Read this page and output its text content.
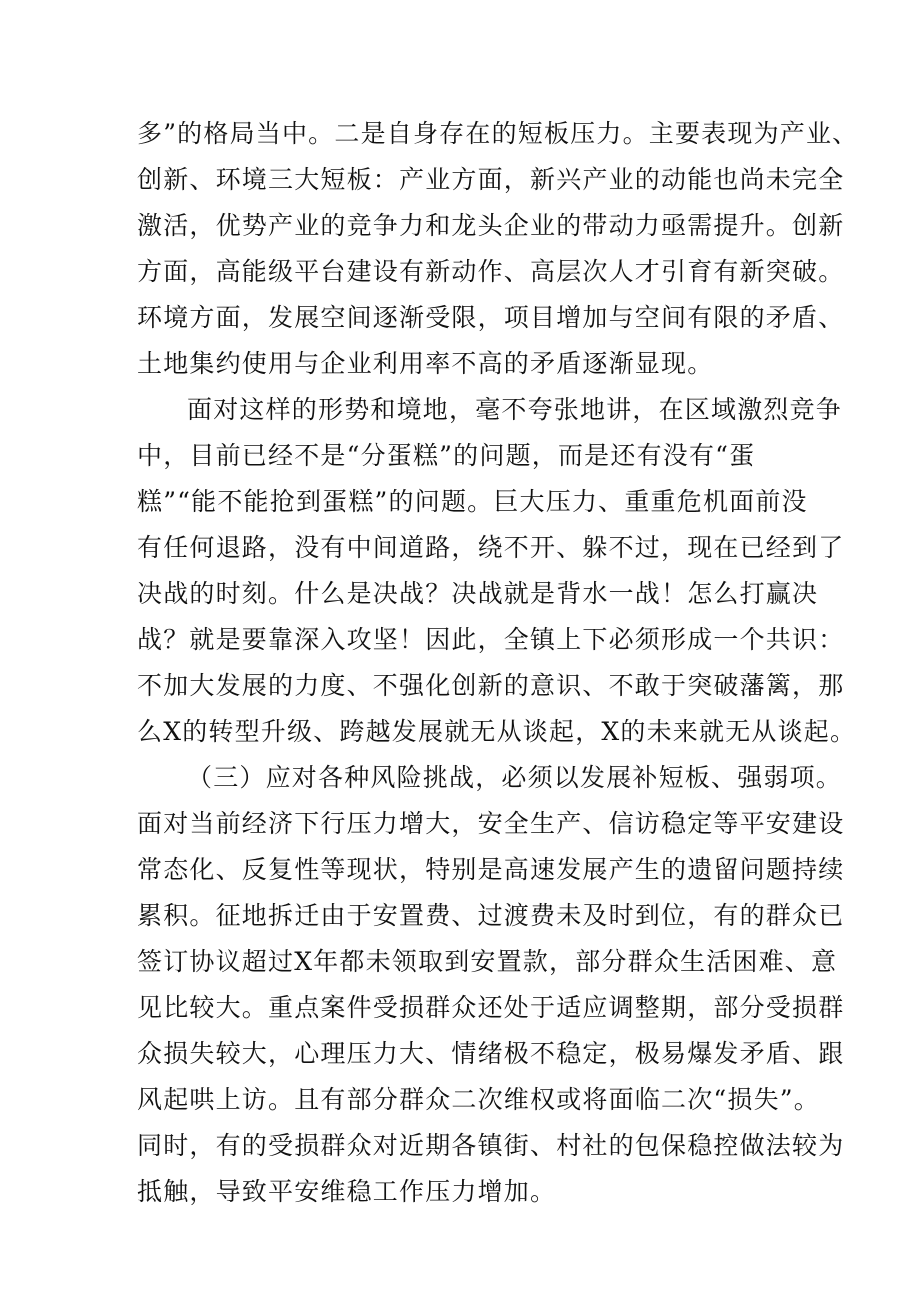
多”的格局当中。二是自身存在的短板压力。主要表现为产业、
创新、环境三大短板：产业方面，新兴产业的动能也尚未完全
激活，优势产业的竞争力和龙头企业的带动力亟需提升。创新
方面，高能级平台建设有新动作、高层次人才引育有新突破。
环境方面，发展空间逐渐受限，项目增加与空间有限的矛盾、
土地集约使用与企业利用率不高的矛盾逐渐显现。
面对这样的形势和境地，毫不夸张地讲，在区域激烈竞争
中，目前已经不是“分蛋糕”的问题，而是还有没有“蛋
糕”“能不能抢到蛋糕”的问题。巨大压力、重重危机面前没
有任何退路，没有中间道路，绕不开、躲不过，现在已经到了
决战的时刻。什么是决战？决战就是背水一战！怎么打赢决
战？就是要靠深入攻坚！因此，全镇上下必须形成一个共识：
不加大发展的力度、不强化创新的意识、不敢于突破藩篱，那
么X的转型升级、跨越发展就无从谈起，X的未来就无从谈起。
（三）应对各种风险挑战，必须以发展补短板、强弱项。
面对当前经济下行压力增大，安全生产、信访稳定等平安建设
常态化、反复性等现状，特别是高速发展产生的遗留问题持续
累积。征地拆迁由于安置费、过渡费未及时到位，有的群众已
签订协议超过X年都未领取到安置款，部分群众生活困难、意
见比较大。重点案件受损群众还处于适应调整期，部分受损群
众损失较大，心理压力大、情绪极不稳定，极易爆发矛盾、跟
风起哄上访。且有部分群众二次维权或将面临二次“损失”。
同时，有的受损群众对近期各镇街、村社的包保稳控做法较为
抵触，导致平安维稳工作压力增加。
